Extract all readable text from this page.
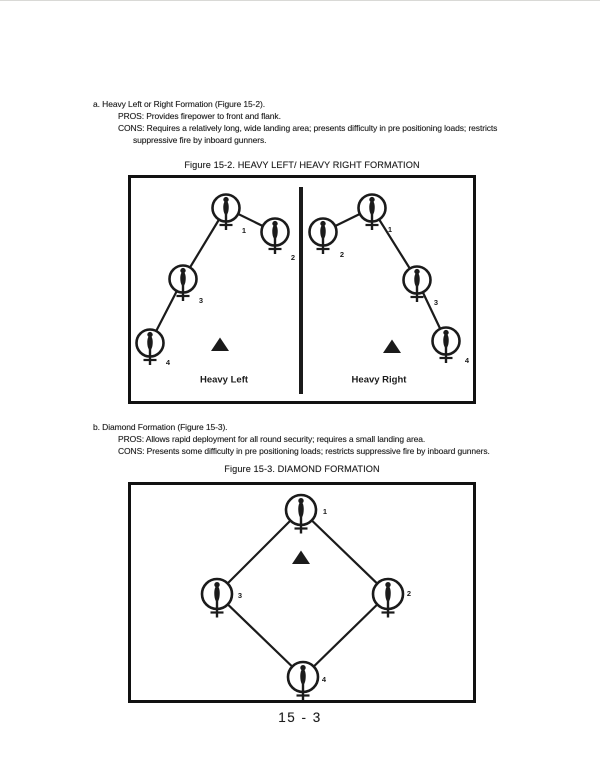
a. Heavy Left or Right Formation (Figure 15-2).
PROS: Provides firepower to front and flank.
CONS: Requires a relatively long, wide landing area; presents difficulty in pre positioning loads; restricts
suppressive fire by inboard gunners.
Figure 15-2. HEAVY LEFT/ HEAVY RIGHT FORMATION
1
2
3
4
Heavy Left
1
2
3
4
Heavy Right
b. Diamond Formation (Figure 15-3).
PROS: Allows rapid deployment for all round security; requires a small landing area.
CONS: Presents some difficulty in pre positioning loads; restricts suppressive fire by inboard gunners.
Figure 15-3. DIAMOND FORMATION
1
2
3
4
15 - 3
